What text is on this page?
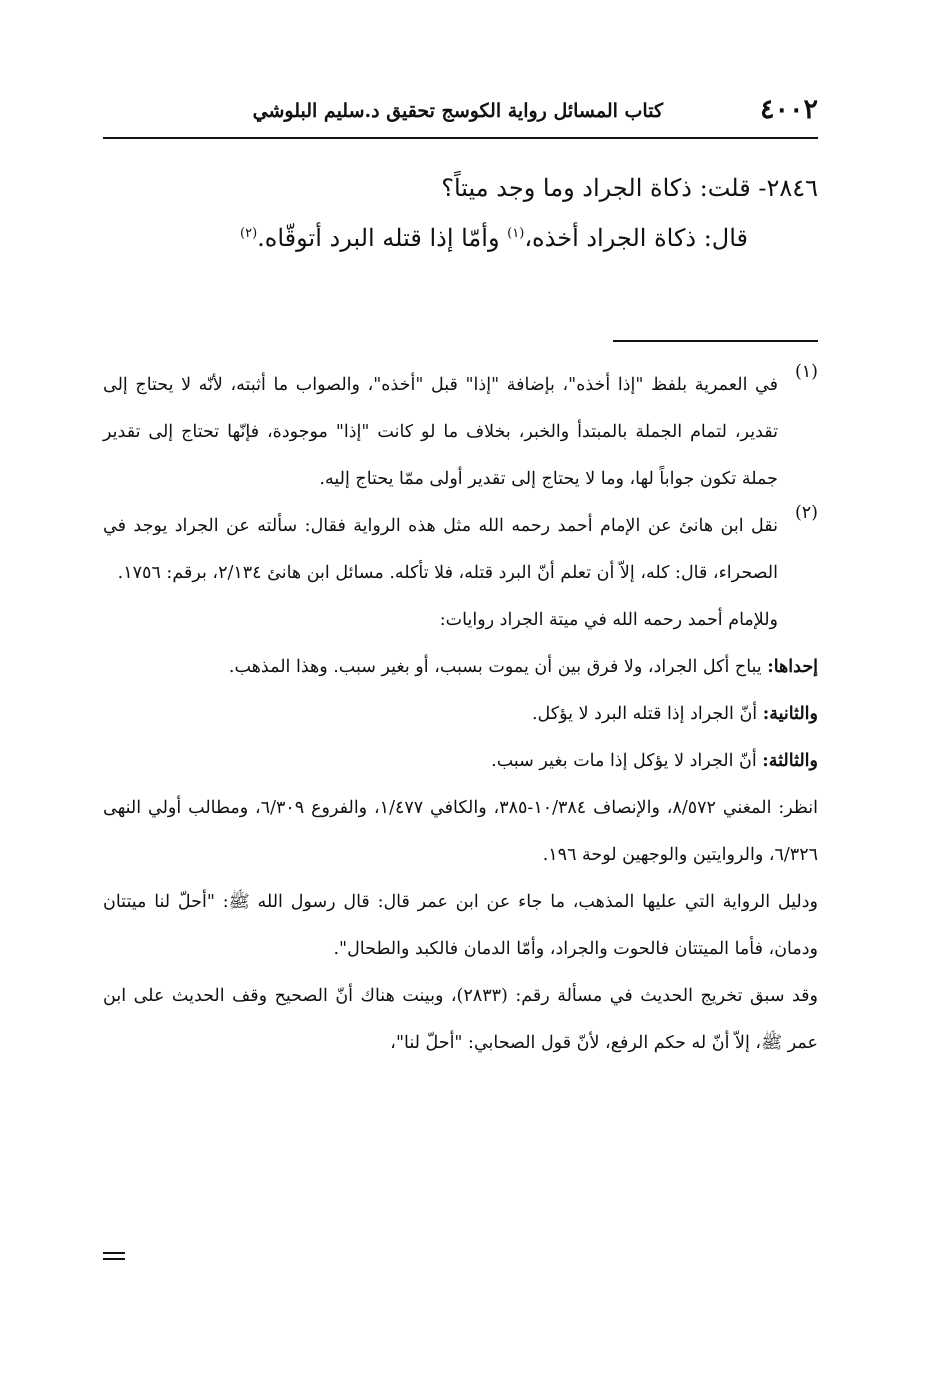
٤٠٠٢
كتاب المسائل رواية الكوسج تحقيق د.سليم البلوشي

٢٨٤٦- قلت: ذكاة الجراد وما وجد ميتاً؟

قال: ذكاة الجراد أخذه،$^{(١)}$ وأمّا إذا قتله البرد أتوقّاه.$^{(٢)}$

(١)

في العمرية بلفظ "إذا أخذه"، بإضافة "إذا" قبل "أخذه"، والصواب ما أثبته، لأنّه لا يحتاج إلى تقدير، لتمام الجملة بالمبتدأ والخبر، بخلاف ما لو كانت "إذا" موجودة، فإنّها تحتاج إلى تقدير جملة تكون جواباً لها، وما لا يحتاج إلى تقدير أولى ممّا يحتاج إليه.

(٢)

نقل ابن هانئ عن الإمام أحمد رحمه الله مثل هذه الرواية فقال: سألته عن الجراد يوجد في الصحراء، قال: كله، إلاّ أن تعلم أنّ البرد قتله، فلا تأكله. مسائل ابن هانئ ٢/١٣٤، برقم: ١٧٥٦.

وللإمام أحمد رحمه الله في ميتة الجراد روايات:

إحداها: يباح أكل الجراد، ولا فرق بين أن يموت بسبب، أو بغير سبب. وهذا المذهب.

والثانية: أنّ الجراد إذا قتله البرد لا يؤكل.

والثالثة: أنّ الجراد لا يؤكل إذا مات بغير سبب.

انظر: المغني ٨/٥٧٢، والإنصاف ١٠/٣٨٤-٣٨٥، والكافي ١/٤٧٧، والفروع ٦/٣٠٩، ومطالب أولي النهى ٦/٣٢٦، والروايتين والوجهين لوحة ١٩٦.

ودليل الرواية التي عليها المذهب، ما جاء عن ابن عمر قال: قال رسول الله ﷺ: "أحلّ لنا ميتتان ودمان، فأما الميتتان فالحوت والجراد، وأمّا الدمان فالكبد والطحال".

وقد سبق تخريج الحديث في مسألة رقم: (٢٨٣٣)، وبينت هناك أنّ الصحيح وقف الحديث على ابن عمر ﷺ، إلاّ أنّ له حكم الرفع، لأنّ قول الصحابي: "أحلّ لنا"،
